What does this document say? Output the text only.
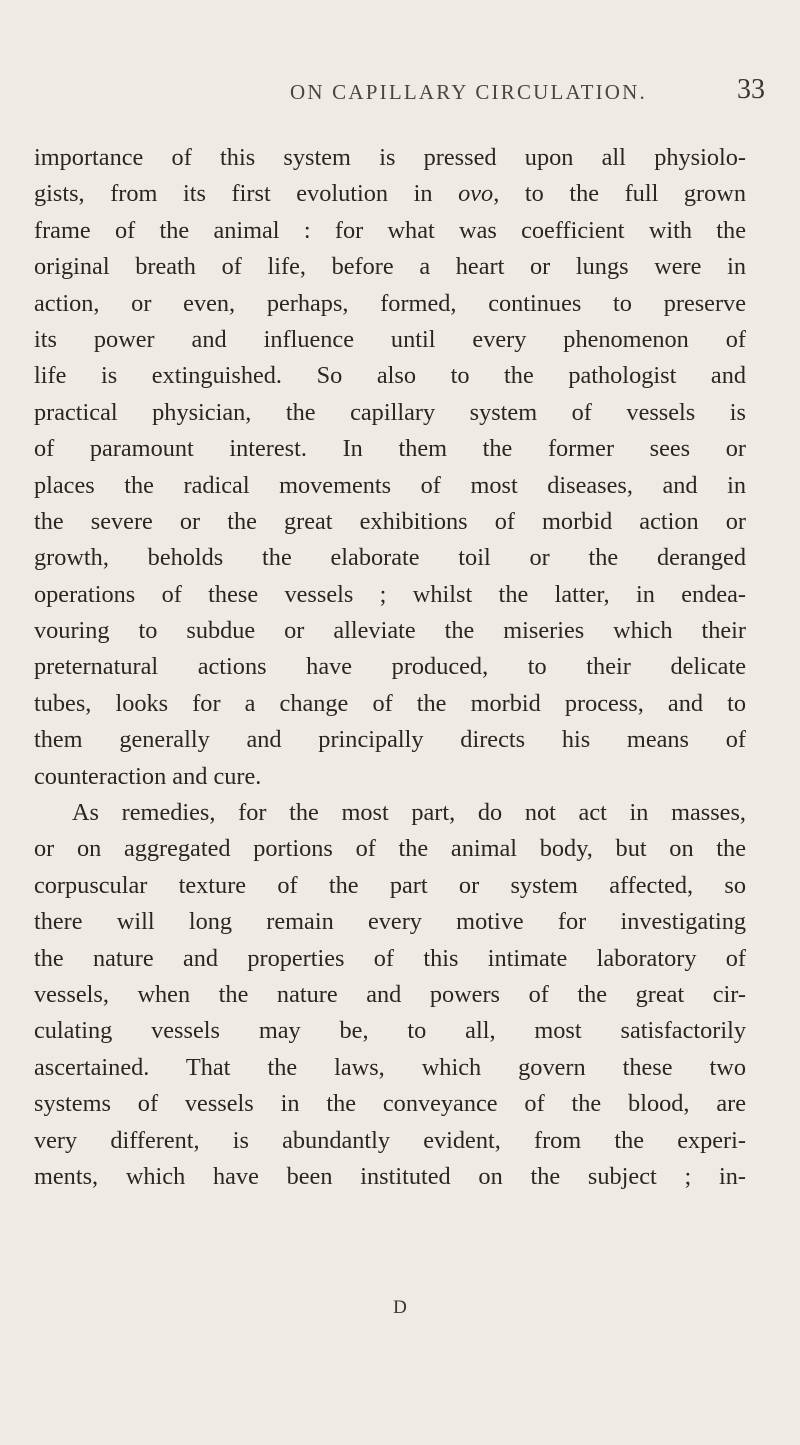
ON CAPILLARY CIRCULATION.	33
importance of this system is pressed upon all physiolo-
gists, from its first evolution in ovo, to the full grown
frame of the animal : for what was coefficient with the
original breath of life, before a heart or lungs were in
action, or even, perhaps, formed, continues to preserve
its power and influence until every phenomenon of
life is extinguished. So also to the pathologist and
practical physician, the capillary system of vessels is
of paramount interest. In them the former sees or
places the radical movements of most diseases, and in
the severe or the great exhibitions of morbid action or
growth, beholds the elaborate toil or the deranged
operations of these vessels ; whilst the latter, in endea-
vouring to subdue or alleviate the miseries which their
preternatural actions have produced, to their delicate
tubes, looks for a change of the morbid process, and to
them generally and principally directs his means of
counteraction and cure.
As remedies, for the most part, do not act in masses,
or on aggregated portions of the animal body, but on the
corpuscular texture of the part or system affected, so
there will long remain every motive for investigating
the nature and properties of this intimate laboratory of
vessels, when the nature and powers of the great cir-
culating vessels may be, to all, most satisfactorily
ascertained. That the laws, which govern these two
systems of vessels in the conveyance of the blood, are
very different, is abundantly evident, from the experi-
ments, which have been instituted on the subject ; in-
D
